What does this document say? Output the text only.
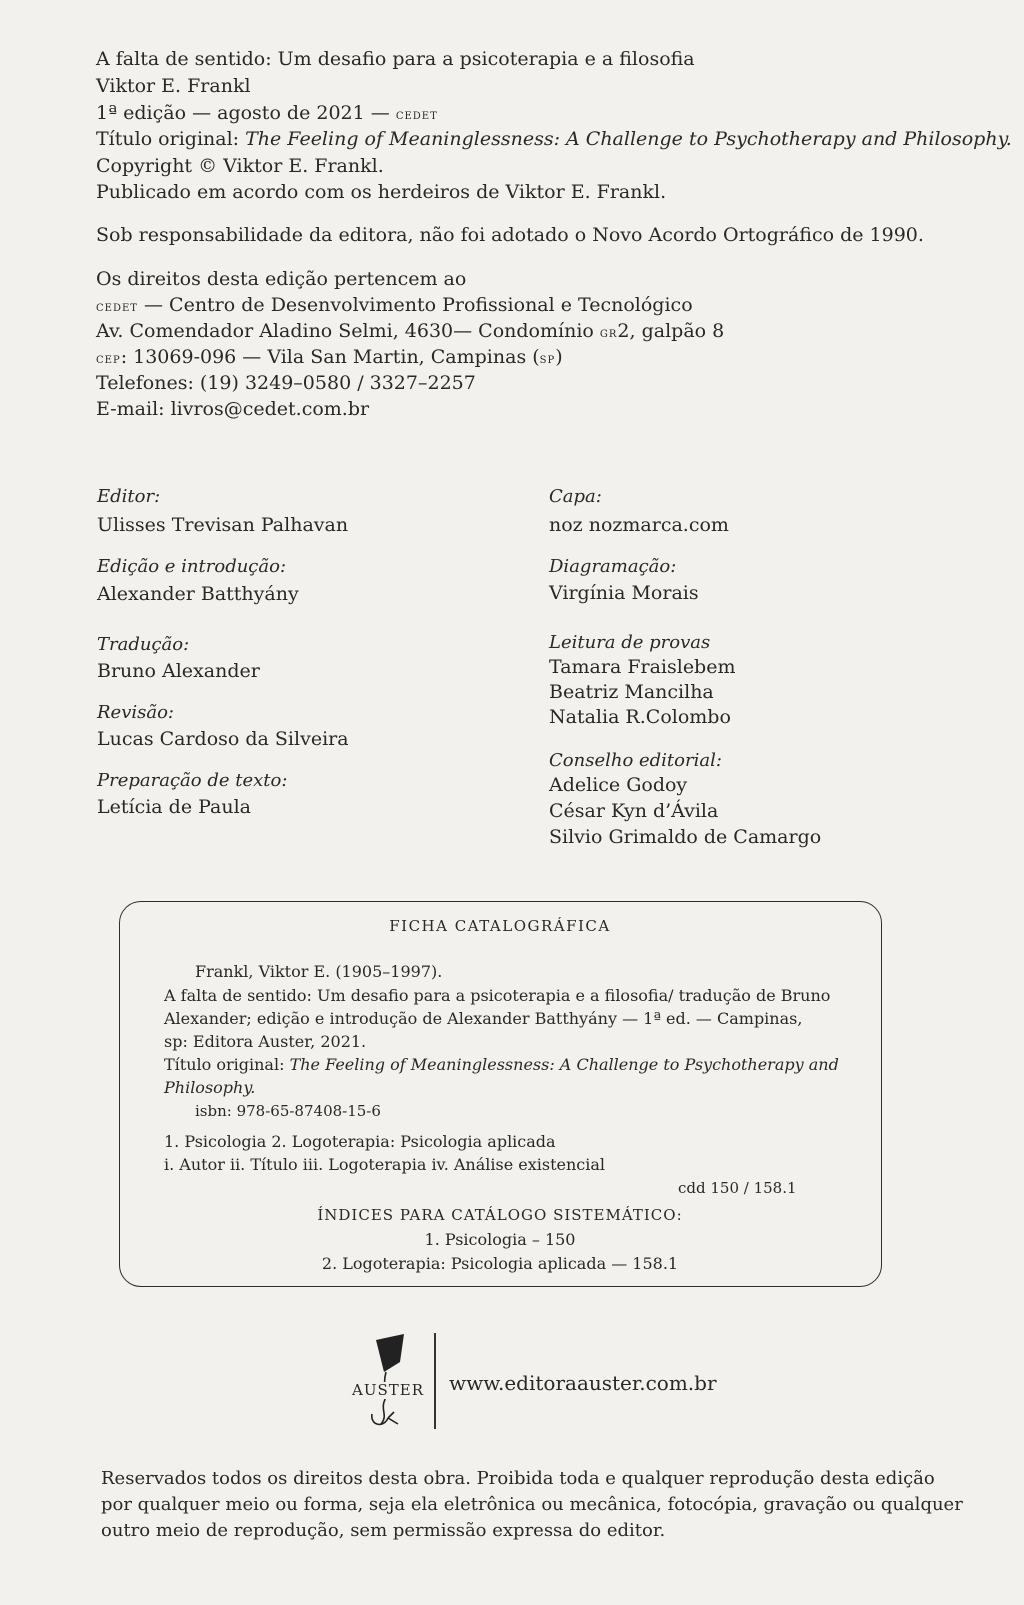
A falta de sentido: Um desafio para a psicoterapia e a filosofia
Viktor E. Frankl
1ª edição — agosto de 2021 — cedet
Título original: The Feeling of Meaninglessness: A Challenge to Psychotherapy and Philosophy.
Copyright © Viktor E. Frankl.
Publicado em acordo com os herdeiros de Viktor E. Frankl.
Sob responsabilidade da editora, não foi adotado o Novo Acordo Ortográfico de 1990.
Os direitos desta edição pertencem ao
cedet — Centro de Desenvolvimento Profissional e Tecnológico
Av. Comendador Aladino Selmi, 4630— Condomínio gr2, galpão 8
cep: 13069-096 — Vila San Martin, Campinas (sp)
Telefones: (19) 3249–0580 / 3327–2257
E-mail: livros@cedet.com.br
Editor:
Ulisses Trevisan Palhavan
Edição e introdução:
Alexander Batthyány
Tradução:
Bruno Alexander
Revisão:
Lucas Cardoso da Silveira
Preparação de texto:
Letícia de Paula
Capa:
noz nozmarca.com
Diagramação:
Virgínia Morais
Leitura de provas
Tamara Fraislebem
Beatriz Mancilha
Natalia R.Colombo
Conselho editorial:
Adelice Godoy
César Kyn d’Ávila
Silvio Grimaldo de Camargo
FICHA CATALOGRÁFICA
Frankl, Viktor E. (1905–1997).
A falta de sentido: Um desafio para a psicoterapia e a filosofia/ tradução de Bruno
Alexander; edição e introdução de Alexander Batthyány — 1ª ed. — Campinas,
sp: Editora Auster, 2021.
Título original: The Feeling of Meaninglessness: A Challenge to Psychotherapy and
Philosophy.
isbn: 978-65-87408-15-6
1. Psicologia 2. Logoterapia: Psicologia aplicada
i. Autor ii. Título iii. Logoterapia iv. Análise existencial
cdd 150 / 158.1
ÍNDICES PARA CATÁLOGO SISTEMÁTICO:
1. Psicologia – 150
2. Logoterapia: Psicologia aplicada — 158.1
AUSTER www.editoraauster.com.br
Reservados todos os direitos desta obra. Proibida toda e qualquer reprodução desta edição por qualquer meio ou forma, seja ela eletrônica ou mecânica, fotocópia, gravação ou qualquer outro meio de reprodução, sem permissão expressa do editor.
